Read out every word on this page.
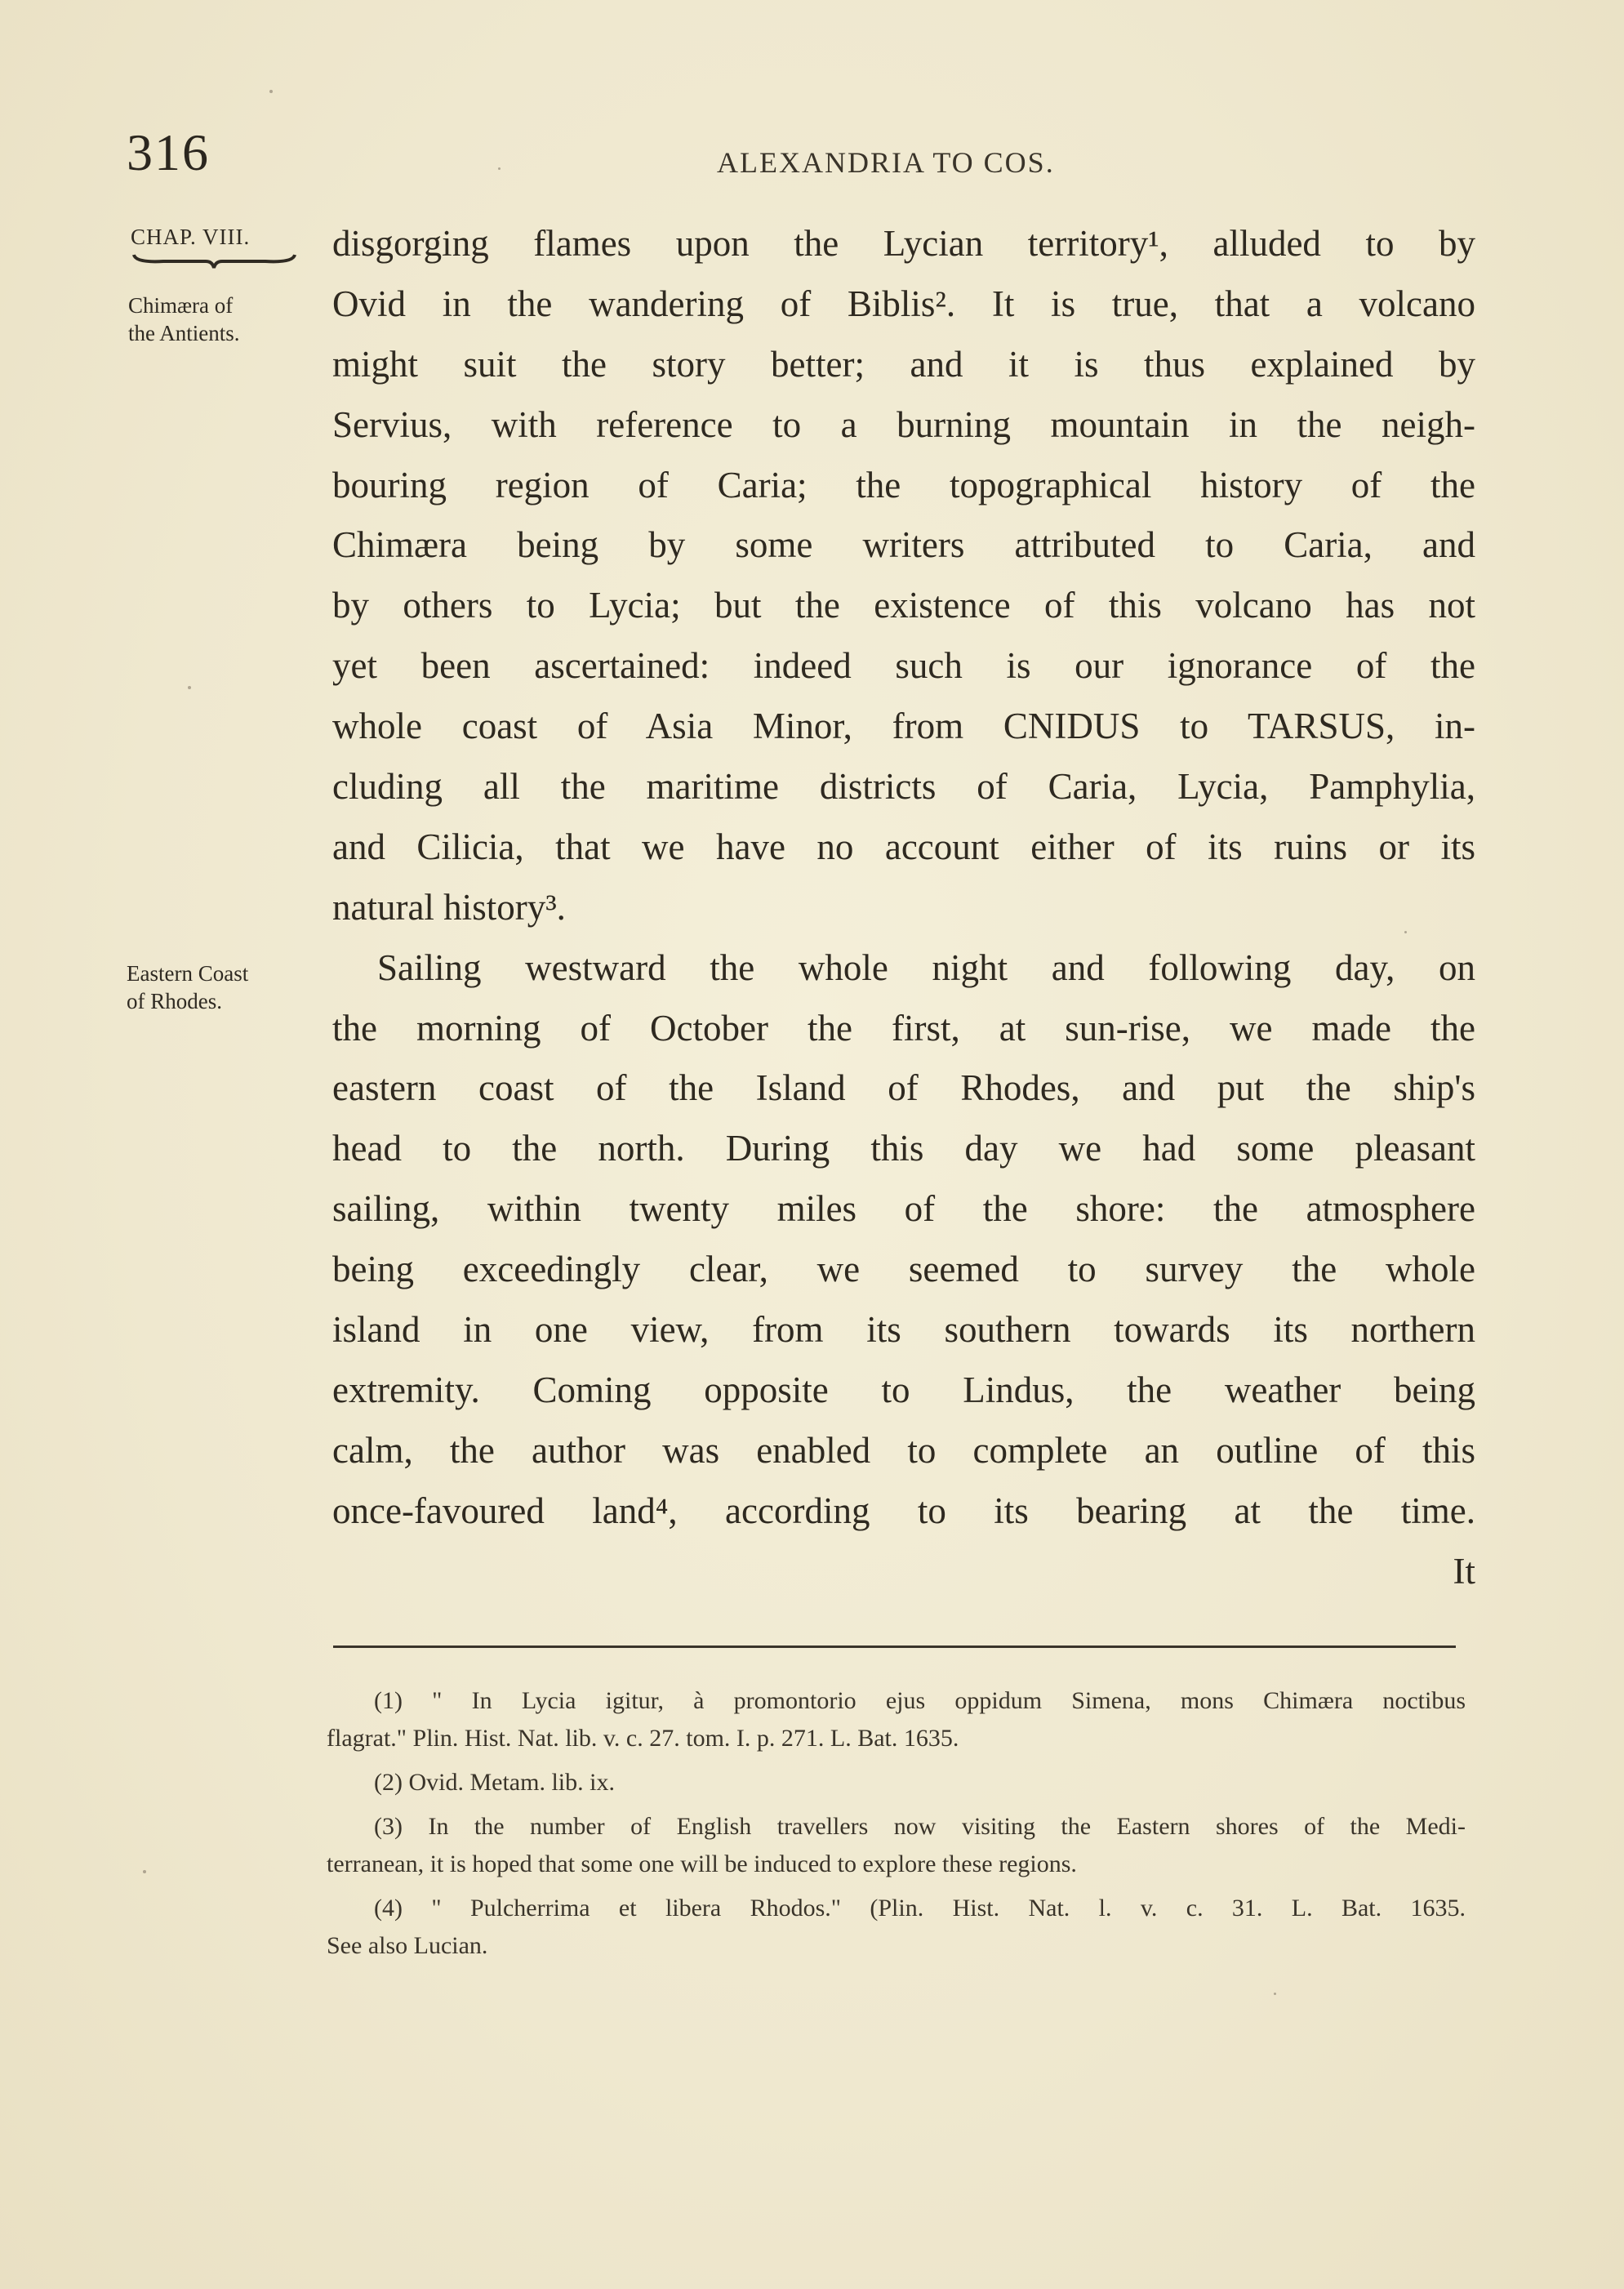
316	ALEXANDRIA TO COS.
CHAP. VIII.
Chimæra of
the Antients.
Eastern Coast
of Rhodes.
disgorging flames upon the Lycian territory¹, alluded to by
Ovid in the wandering of Biblis². It is true, that a volcano
might suit the story better; and it is thus explained by
Servius, with reference to a burning mountain in the neigh-
bouring region of Caria; the topographical history of the
Chimæra being by some writers attributed to Caria, and
by others to Lycia; but the existence of this volcano has not
yet been ascertained: indeed such is our ignorance of the
whole coast of Asia Minor, from CNIDUS to TARSUS, in-
cluding all the maritime districts of Caria, Lycia, Pamphylia,
and Cilicia, that we have no account either of its ruins or its
natural history³.
Sailing westward the whole night and following day, on
the morning of October the first, at sun-rise, we made the
eastern coast of the Island of Rhodes, and put the ship's
head to the north. During this day we had some pleasant
sailing, within twenty miles of the shore: the atmosphere
being exceedingly clear, we seemed to survey the whole
island in one view, from its southern towards its northern
extremity. Coming opposite to Lindus, the weather being
calm, the author was enabled to complete an outline of this
once-favoured land⁴, according to its bearing at the time.
It
(1) " In Lycia igitur, à promontorio ejus oppidum Simena, mons Chimæra noctibus
flagrat." Plin. Hist. Nat. lib. v. c. 27. tom. I. p. 271. L. Bat. 1635.
(2) Ovid. Metam. lib. ix.
(3) In the number of English travellers now visiting the Eastern shores of the Medi-
terranean, it is hoped that some one will be induced to explore these regions.
(4) " Pulcherrima et libera Rhodos." (Plin. Hist. Nat. l. v. c. 31. L. Bat. 1635.
See also Lucian.
